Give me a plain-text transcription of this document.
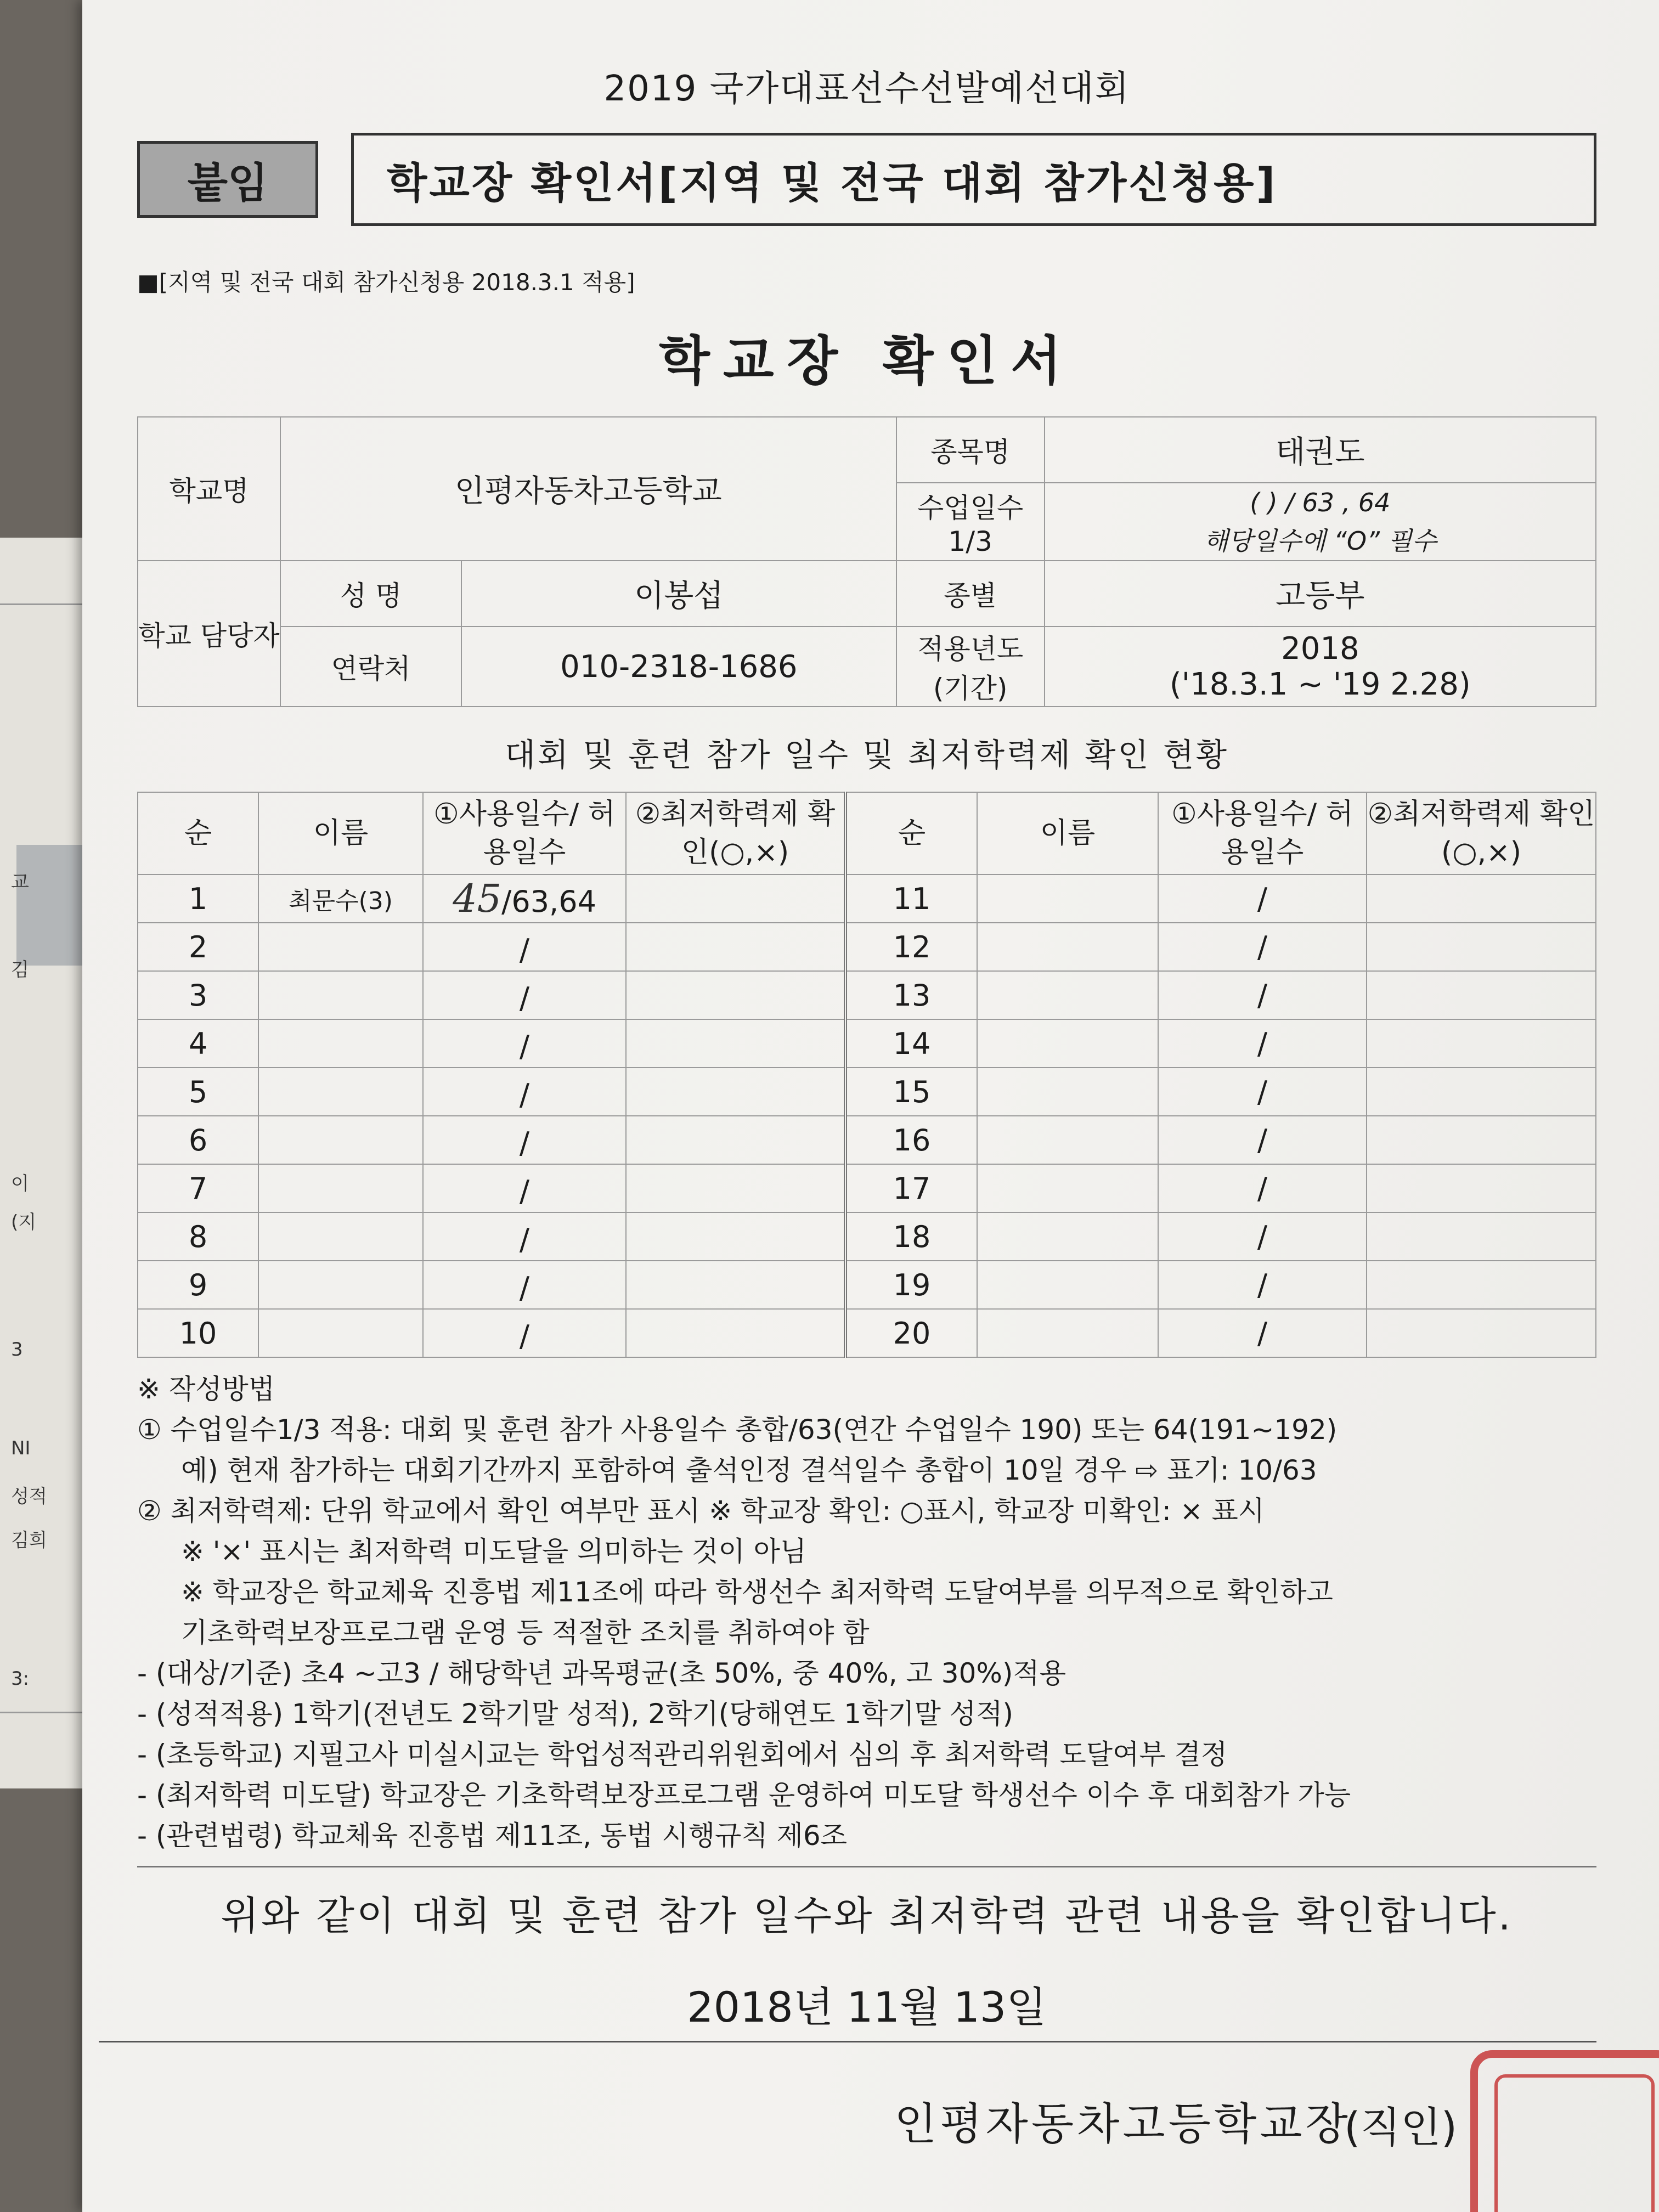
교
김
이
(지
NI
성적
김희
3
3:
2019 국가대표선수선발예선대회
붙임	학교장 확인서[지역 및 전국 대회 참가신청용]
■[지역 및 전국 대회 참가신청용 2018.3.1 적용]
학교장 확인서
학교명	인평자동차고등학교		종목명	태권도
			수업일수 1/3	( ) / 63 , 64
해당일수에 “O” 필수

학교 담당자	성 명	이봉섭	종별	고등부
	연락처	010-2318-1686	적용년도 (기간)	2018
('18.3.1 ~ '19 2.28)
대회 및 훈련 참가 일수 및 최저학력제 확인 현황
순	이름	①사용일수/ 허용일수	②최저학력제 확인(○,×)	순	이름	①사용일수/ 허용일수	②최저학력제 확인(○,×)
1	최문수(3)	45/63,64		11		/	
2		/		12		/	
3		/		13		/	
4		/		14		/	
5		/		15		/	
6		/		16		/	
7		/		17		/	
8		/		18		/	
9		/		19		/	
10		/		20		/	
※ 작성방법
① 수업일수1/3 적용: 대회 및 훈련 참가 사용일수 총합/63(연간 수업일수 190) 또는 64(191~192)
예) 현재 참가하는 대회기간까지 포함하여 출석인정 결석일수 총합이 10일 경우 ⇨ 표기: 10/63
② 최저학력제: 단위 학교에서 확인 여부만 표시 ※ 학교장 확인: ○표시, 학교장 미확인: × 표시
※ '×' 표시는 최저학력 미도달을 의미하는 것이 아님
※ 학교장은 학교체육 진흥법 제11조에 따라 학생선수 최저학력 도달여부를 의무적으로 확인하고
기초학력보장프로그램 운영 등 적절한 조치를 취하여야 함
- (대상/기준) 초4 ~고3 / 해당학년 과목평균(초 50%, 중 40%, 고 30%)적용
- (성적적용) 1학기(전년도 2학기말 성적), 2학기(당해연도 1학기말 성적)
- (초등학교) 지필고사 미실시교는 학업성적관리위원회에서 심의 후 최저학력 도달여부 결정
- (최저학력 미도달) 학교장은 기초학력보장프로그램 운영하여 미도달 학생선수 이수 후 대회참가 가능
- (관련법령) 학교체육 진흥법 제11조, 동법 시행규칙 제6조
위와 같이 대회 및 훈련 참가 일수와 최저학력 관련 내용을 확인합니다.
2018년 11월 13일
인평자동차고등학교장
(직인)
